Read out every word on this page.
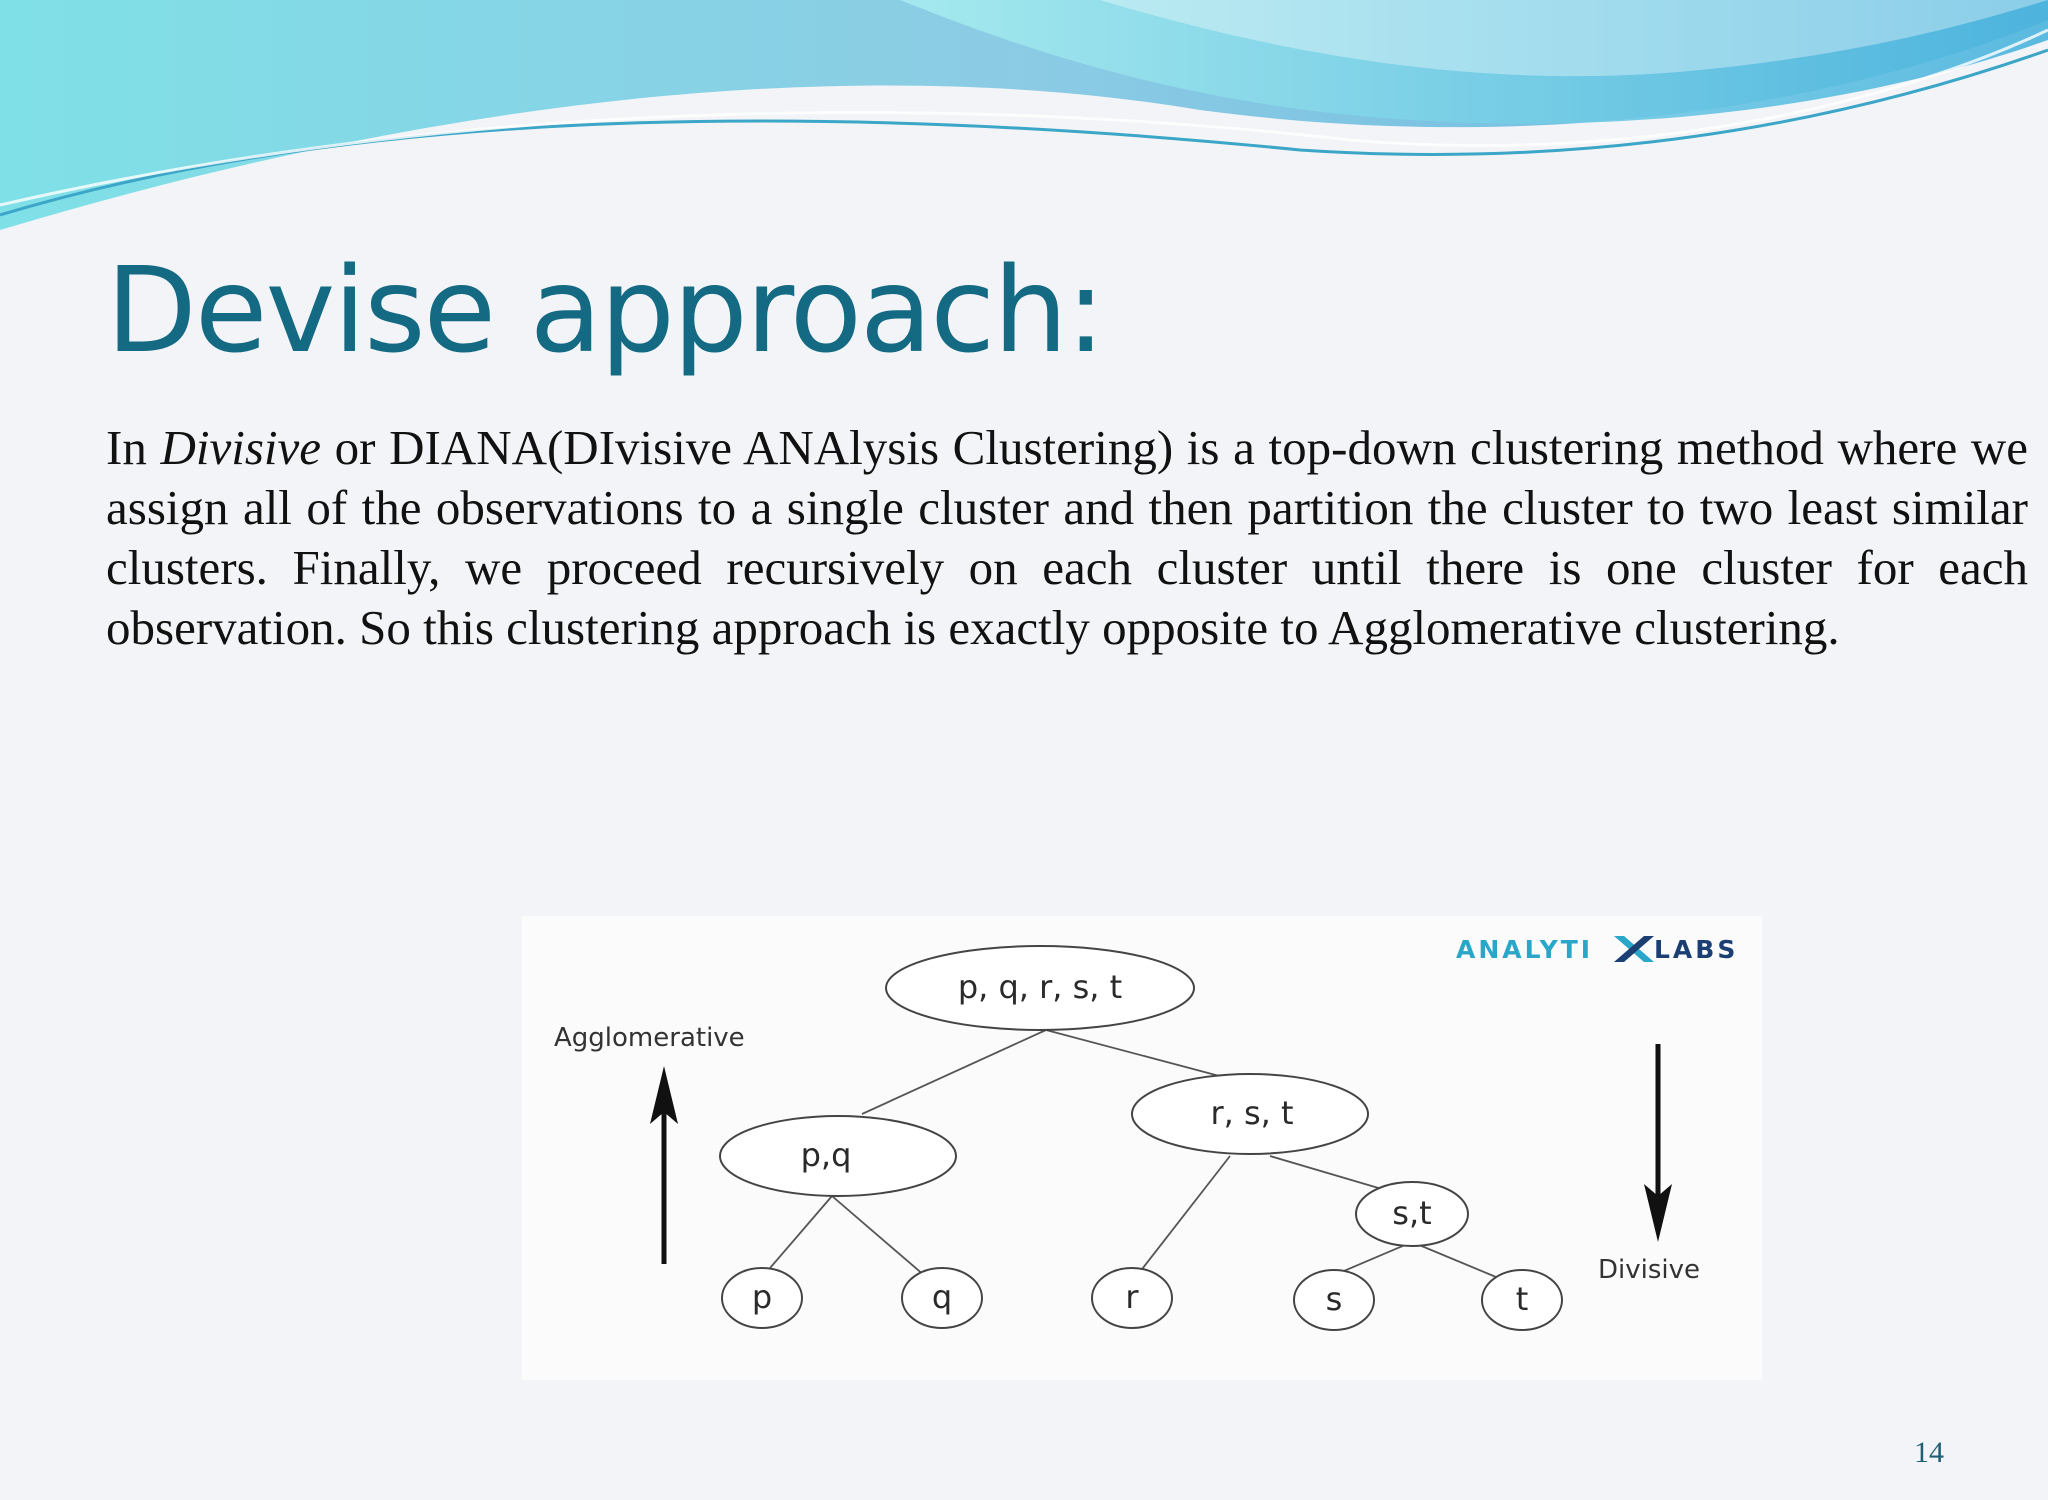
Devise approach:
In Divisive or DIANA(DIvisive ANAlysis Clustering) is a top-down clustering method where we assign all of the observations to a single cluster and then partition the cluster to two least similar clusters. Finally, we proceed recursively on each cluster until there is one cluster for each observation. So this clustering approach is exactly opposite to Agglomerative clustering.
p, q, r, s, t
p,q
r, s, t
s,t
p	q	r	s	t
Agglomerative
Divisive
ANALYTI LABS
14
